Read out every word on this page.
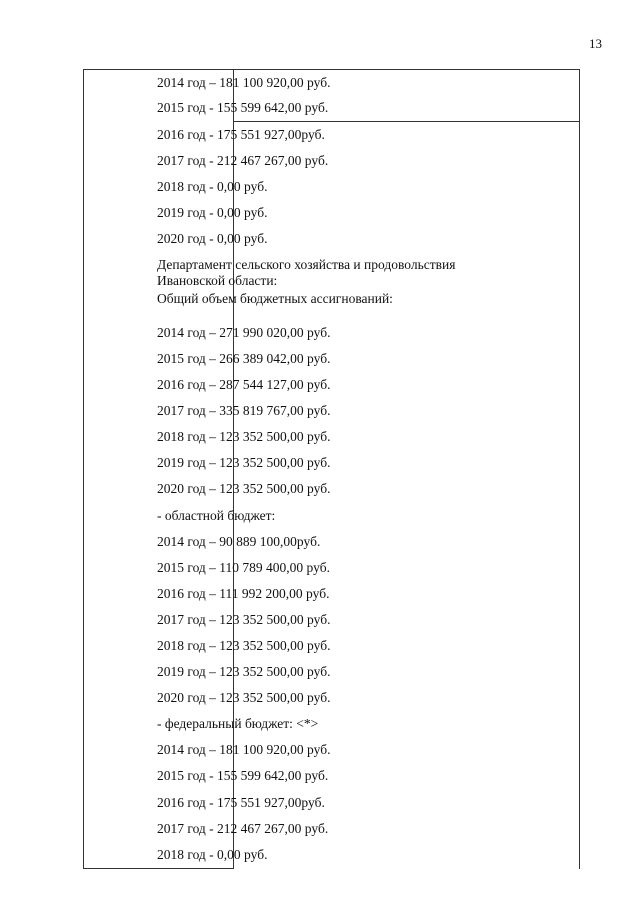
13
2014 год – 181 100 920,00 руб.
2015 год - 155 599 642,00 руб.
2016 год - 175 551 927,00руб.
2017 год - 212 467 267,00 руб.
2018 год - 0,00 руб.
2019 год - 0,00 руб.
2020 год - 0,00 руб.
Департамент сельского хозяйства и продовольствия Ивановской области:
Общий объем бюджетных ассигнований:
2014 год – 271 990 020,00 руб.
2015 год – 266 389 042,00 руб.
2016 год – 287 544 127,00 руб.
2017 год – 335 819 767,00 руб.
2018 год – 123 352 500,00 руб.
2019 год – 123 352 500,00 руб.
2020 год – 123 352 500,00 руб.
- областной бюджет:
2014 год – 90 889 100,00руб.
2015 год – 110 789 400,00 руб.
2016 год – 111 992 200,00 руб.
2017 год – 123 352 500,00 руб.
2018 год – 123 352 500,00 руб.
2019 год – 123 352 500,00 руб.
2020 год – 123 352 500,00 руб.
- федеральный бюджет: <*>
2014 год – 181 100 920,00 руб.
2015 год - 155 599 642,00 руб.
2016 год - 175 551 927,00руб.
2017 год - 212 467 267,00 руб.
2018 год - 0,00 руб.
